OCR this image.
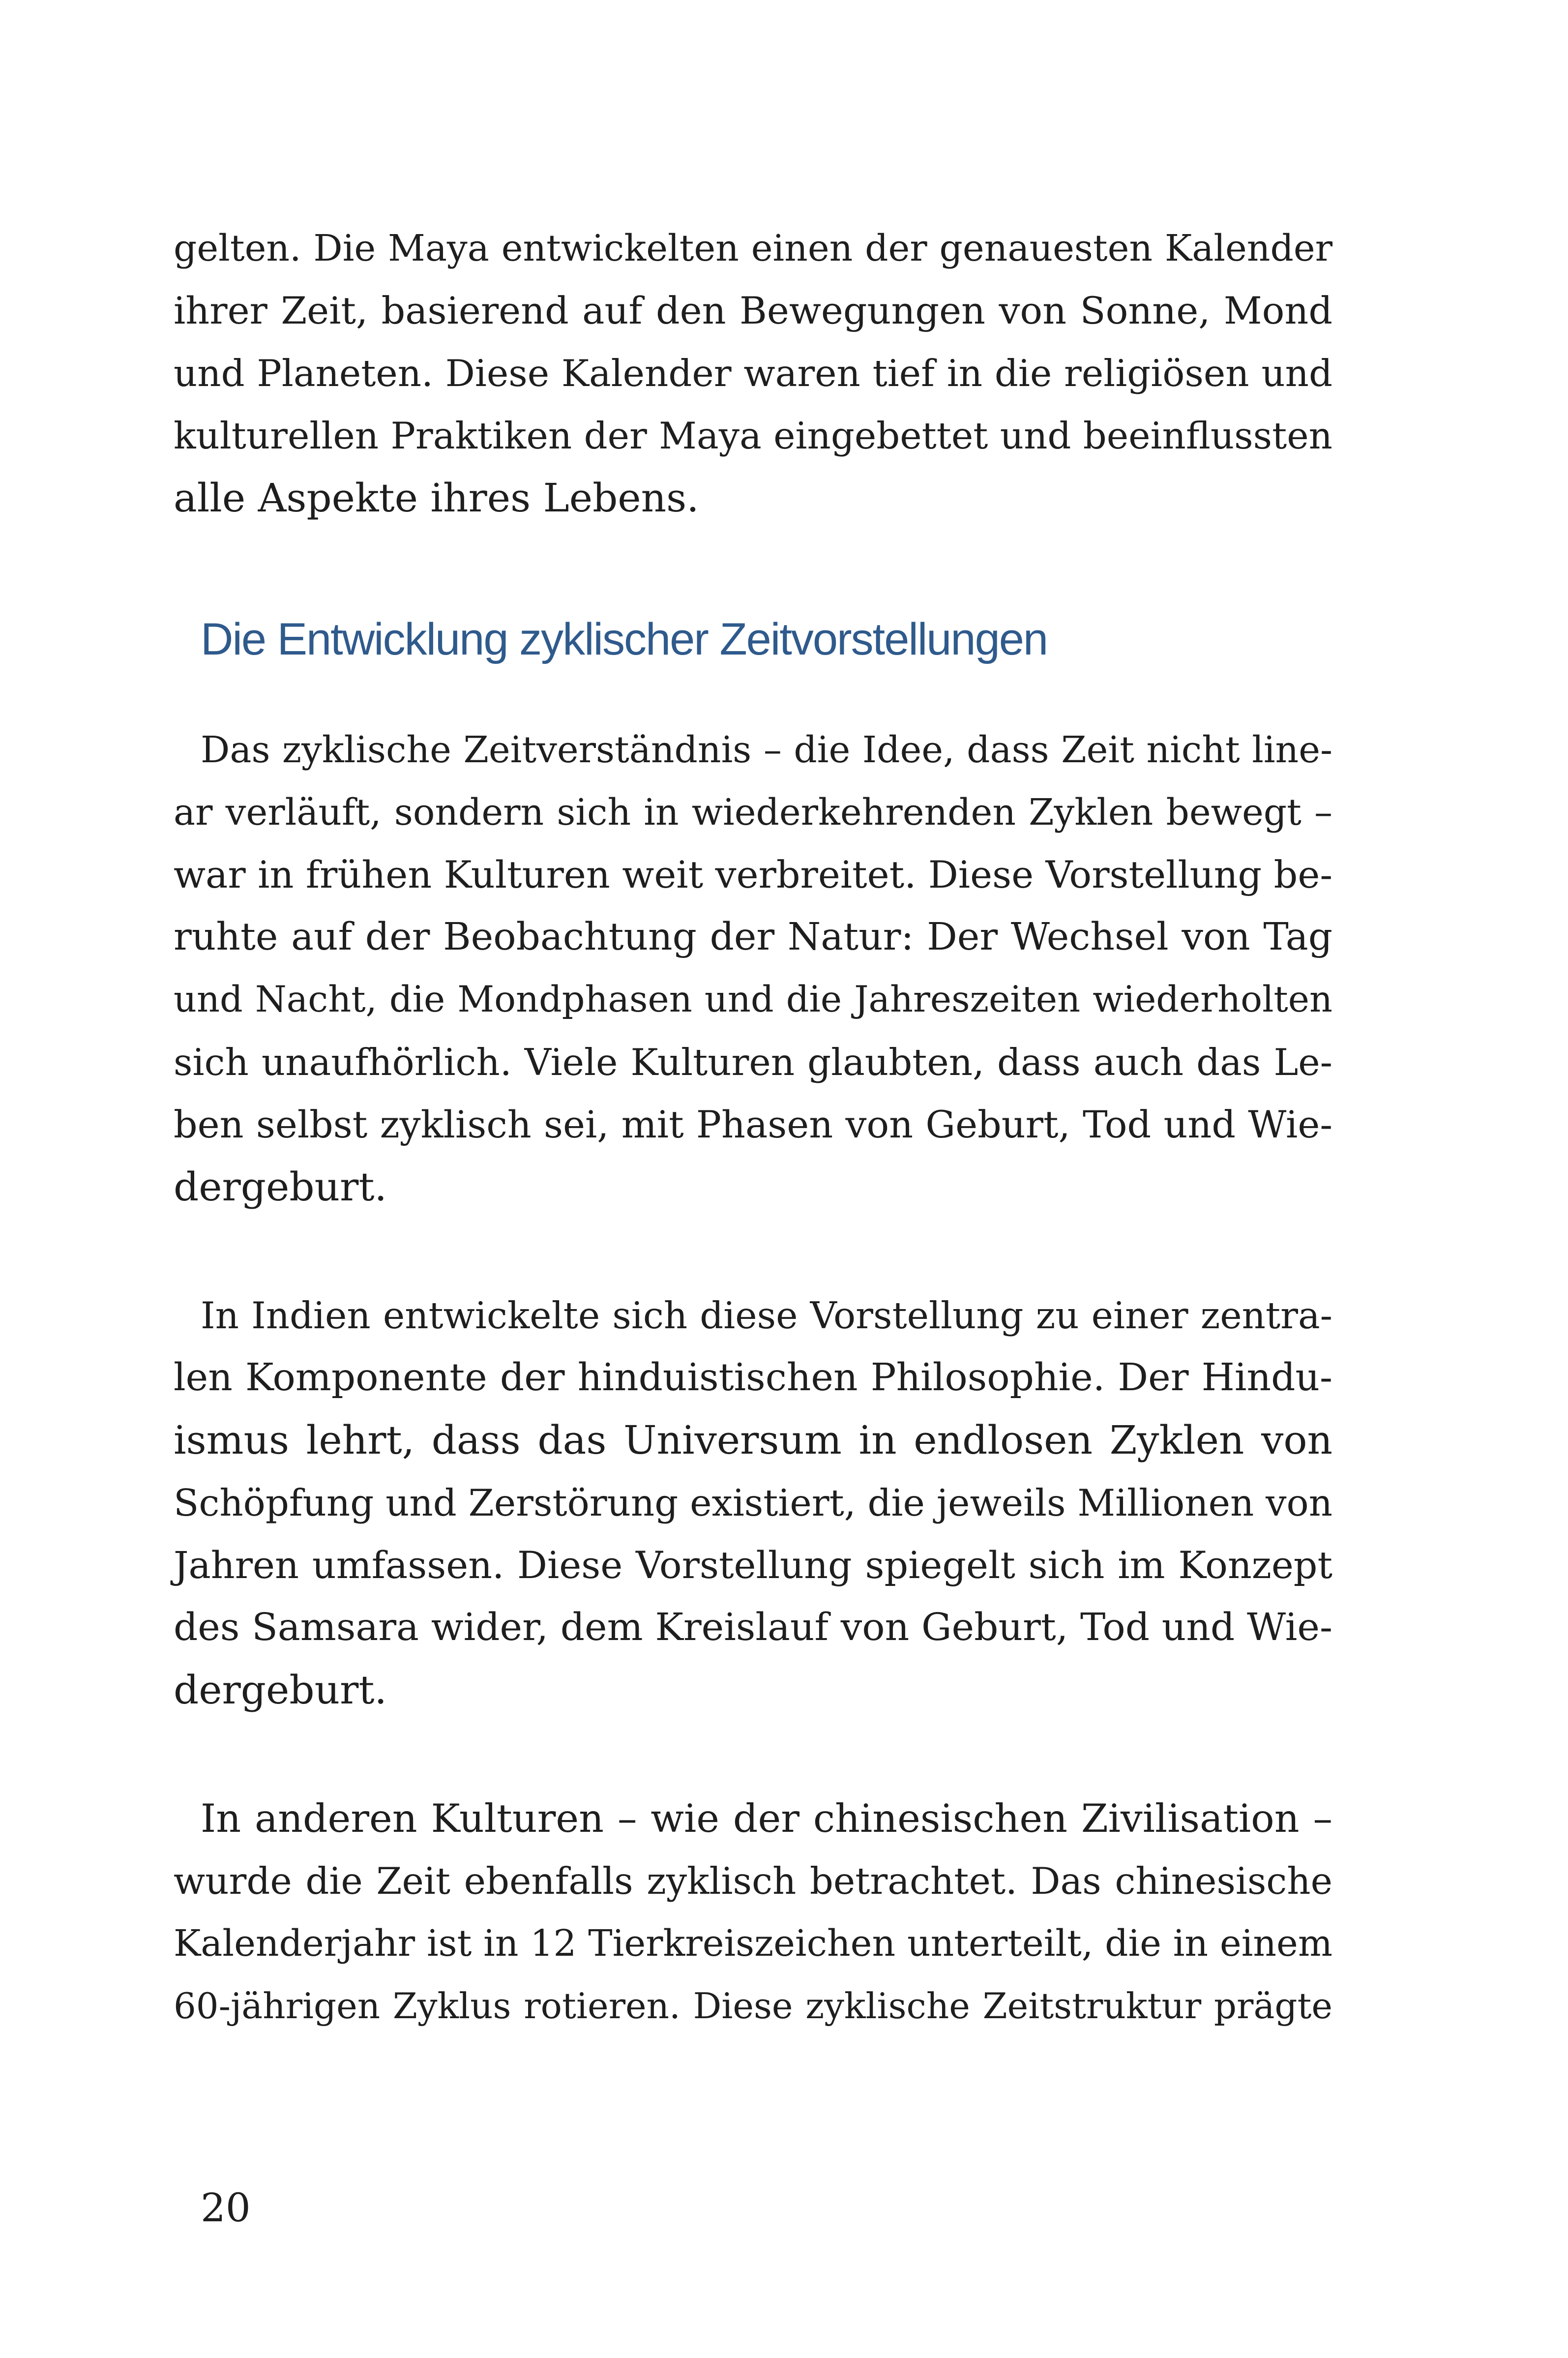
gelten. Die Maya entwickelten einen der genauesten Kalender

ihrer Zeit, basierend auf den Bewegungen von Sonne, Mond

und Planeten. Diese Kalender waren tief in die religiösen und

kulturellen Praktiken der Maya eingebettet und beeinflussten

alle Aspekte ihres Lebens.

Die Entwicklung zyklischer Zeitvorstellungen

Das zyklische Zeitverständnis – die Idee, dass Zeit nicht line-

ar verläuft, sondern sich in wiederkehrenden Zyklen bewegt –

war in frühen Kulturen weit verbreitet. Diese Vorstellung be-

ruhte auf der Beobachtung der Natur: Der Wechsel von Tag

und Nacht, die Mondphasen und die Jahreszeiten wiederholten

sich unaufhörlich. Viele Kulturen glaubten, dass auch das Le-

ben selbst zyklisch sei, mit Phasen von Geburt, Tod und Wie-

dergeburt.

In Indien entwickelte sich diese Vorstellung zu einer zentra-

len Komponente der hinduistischen Philosophie. Der Hindu-

ismus lehrt, dass das Universum in endlosen Zyklen von

Schöpfung und Zerstörung existiert, die jeweils Millionen von

Jahren umfassen. Diese Vorstellung spiegelt sich im Konzept

des Samsara wider, dem Kreislauf von Geburt, Tod und Wie-

dergeburt.

In anderen Kulturen – wie der chinesischen Zivilisation –

wurde die Zeit ebenfalls zyklisch betrachtet. Das chinesische

Kalenderjahr ist in 12 Tierkreiszeichen unterteilt, die in einem

60-jährigen Zyklus rotieren. Diese zyklische Zeitstruktur prägte

20
